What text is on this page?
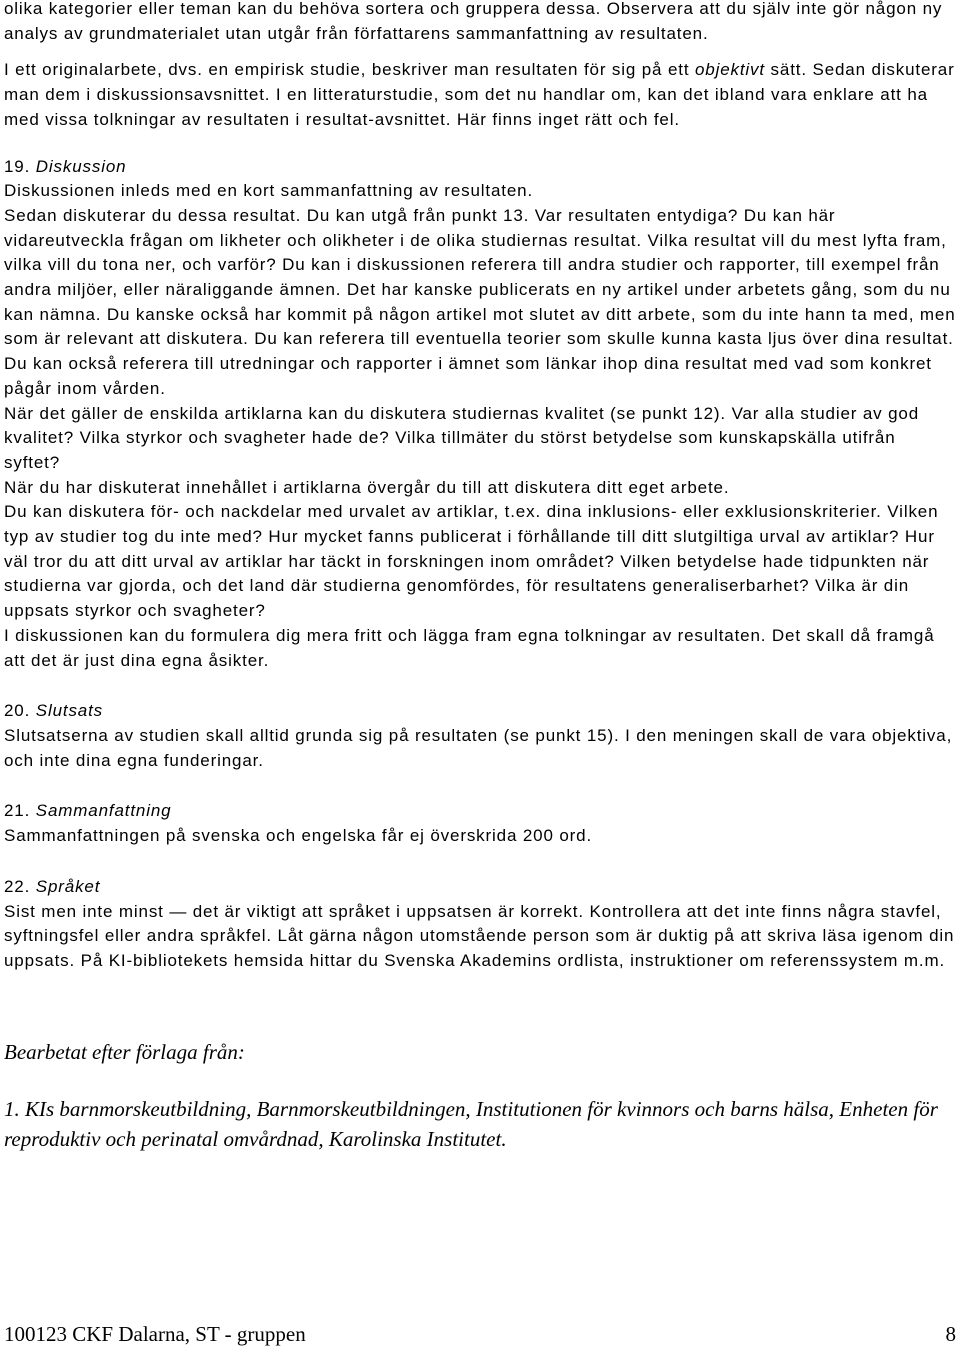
olika kategorier eller teman kan du behöva sortera och gruppera dessa. Observera att du själv inte gör någon ny analys av grundmaterialet utan utgår från författarens sammanfattning av resultaten.

I ett originalarbete, dvs. en empirisk studie, beskriver man resultaten för sig på ett objektivt sätt. Sedan diskuterar man dem i diskussionsavsnittet. I en litteraturstudie, som det nu handlar om, kan det ibland vara enklare att ha med vissa tolkningar av resultaten i resultat-avsnittet. Här finns inget rätt och fel.

19. Diskussion

Diskussionen inleds med en kort sammanfattning av resultaten.

Sedan diskuterar du dessa resultat. Du kan utgå från punkt 13. Var resultaten entydiga? Du kan här vidareutveckla frågan om likheter och olikheter i de olika studiernas resultat. Vilka resultat vill du mest lyfta fram, vilka vill du tona ner, och varför? Du kan i diskussionen referera till andra studier och rapporter, till exempel från andra miljöer, eller näraliggande ämnen. Det har kanske publicerats en ny artikel under arbetets gång, som du nu kan nämna. Du kanske också har kommit på någon artikel mot slutet av ditt arbete, som du inte hann ta med, men som är relevant att diskutera. Du kan referera till eventuella teorier som skulle kunna kasta ljus över dina resultat. Du kan också referera till utredningar och rapporter i ämnet som länkar ihop dina resultat med vad som konkret pågår inom vården.

När det gäller de enskilda artiklarna kan du diskutera studiernas kvalitet (se punkt 12). Var alla studier av god kvalitet? Vilka styrkor och svagheter hade de? Vilka tillmäter du störst betydelse som kunskapskälla utifrån syftet?

När du har diskuterat innehållet i artiklarna övergår du till att diskutera ditt eget arbete.

Du kan diskutera för- och nackdelar med urvalet av artiklar, t.ex. dina inklusions- eller exklusionskriterier. Vilken typ av studier tog du inte med? Hur mycket fanns publicerat i förhållande till ditt slutgiltiga urval av artiklar? Hur väl tror du att ditt urval av artiklar har täckt in forskningen inom området? Vilken betydelse hade tidpunkten när studierna var gjorda, och det land där studierna genomfördes, för resultatens generaliserbarhet? Vilka är din uppsats styrkor och svagheter?

I diskussionen kan du formulera dig mera fritt och lägga fram egna tolkningar av resultaten. Det skall då framgå att det är just dina egna åsikter.

20. Slutsats

Slutsatserna av studien skall alltid grunda sig på resultaten (se punkt 15). I den meningen skall de vara objektiva, och inte dina egna funderingar.

21. Sammanfattning

Sammanfattningen på svenska och engelska får ej överskrida 200 ord.

22. Språket

Sist men inte minst — det är viktigt att språket i uppsatsen är korrekt. Kontrollera att det inte finns några stavfel, syftningsfel eller andra språkfel. Låt gärna någon utomstående person som är duktig på att skriva läsa igenom din uppsats. På KI-bibliotekets hemsida hittar du Svenska Akademins ordlista, instruktioner om referenssystem m.m.

Bearbetat efter förlaga från:

1. KIs barnmorskeutbildning, Barnmorskeutbildningen, Institutionen för kvinnors och barns hälsa, Enheten för reproduktiv och perinatal omvårdnad, Karolinska Institutet.

100123 CKF Dalarna, ST - gruppen	8
